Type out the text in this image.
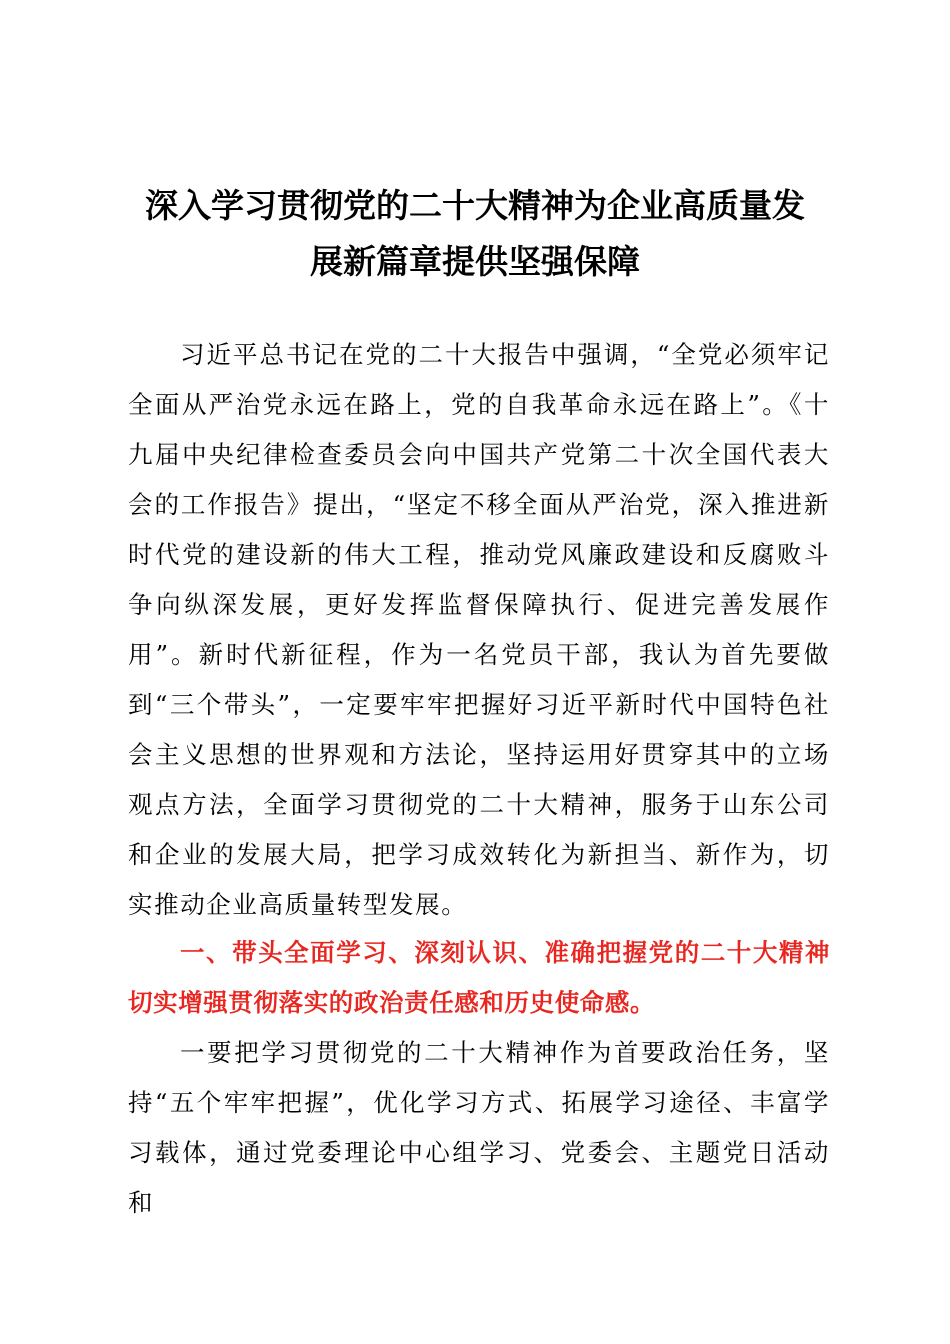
深入学习贯彻党的二十大精神为企业高质量发
展新篇章提供坚强保障

习近平总书记在党的二十大报告中强调，“全党必须牢记全面从严治党永远在路上，党的自我革命永远在路上”。《十九届中央纪律检查委员会向中国共产党第二十次全国代表大会的工作报告》提出，“坚定不移全面从严治党，深入推进新时代党的建设新的伟大工程，推动党风廉政建设和反腐败斗争向纵深发展，更好发挥监督保障执行、促进完善发展作用”。新时代新征程，作为一名党员干部，我认为首先要做到“三个带头”，一定要牢牢把握好习近平新时代中国特色社会主义思想的世界观和方法论，坚持运用好贯穿其中的立场观点方法，全面学习贯彻党的二十大精神，服务于山东公司和企业的发展大局，把学习成效转化为新担当、新作为，切实推动企业高质量转型发展。

一、带头全面学习、深刻认识、准确把握党的二十大精神切实增强贯彻落实的政治责任感和历史使命感。

一要把学习贯彻党的二十大精神作为首要政治任务，坚持“五个牢牢把握”，优化学习方式、拓展学习途径、丰富学习载体，通过党委理论中心组学习、党委会、主题党日活动和
